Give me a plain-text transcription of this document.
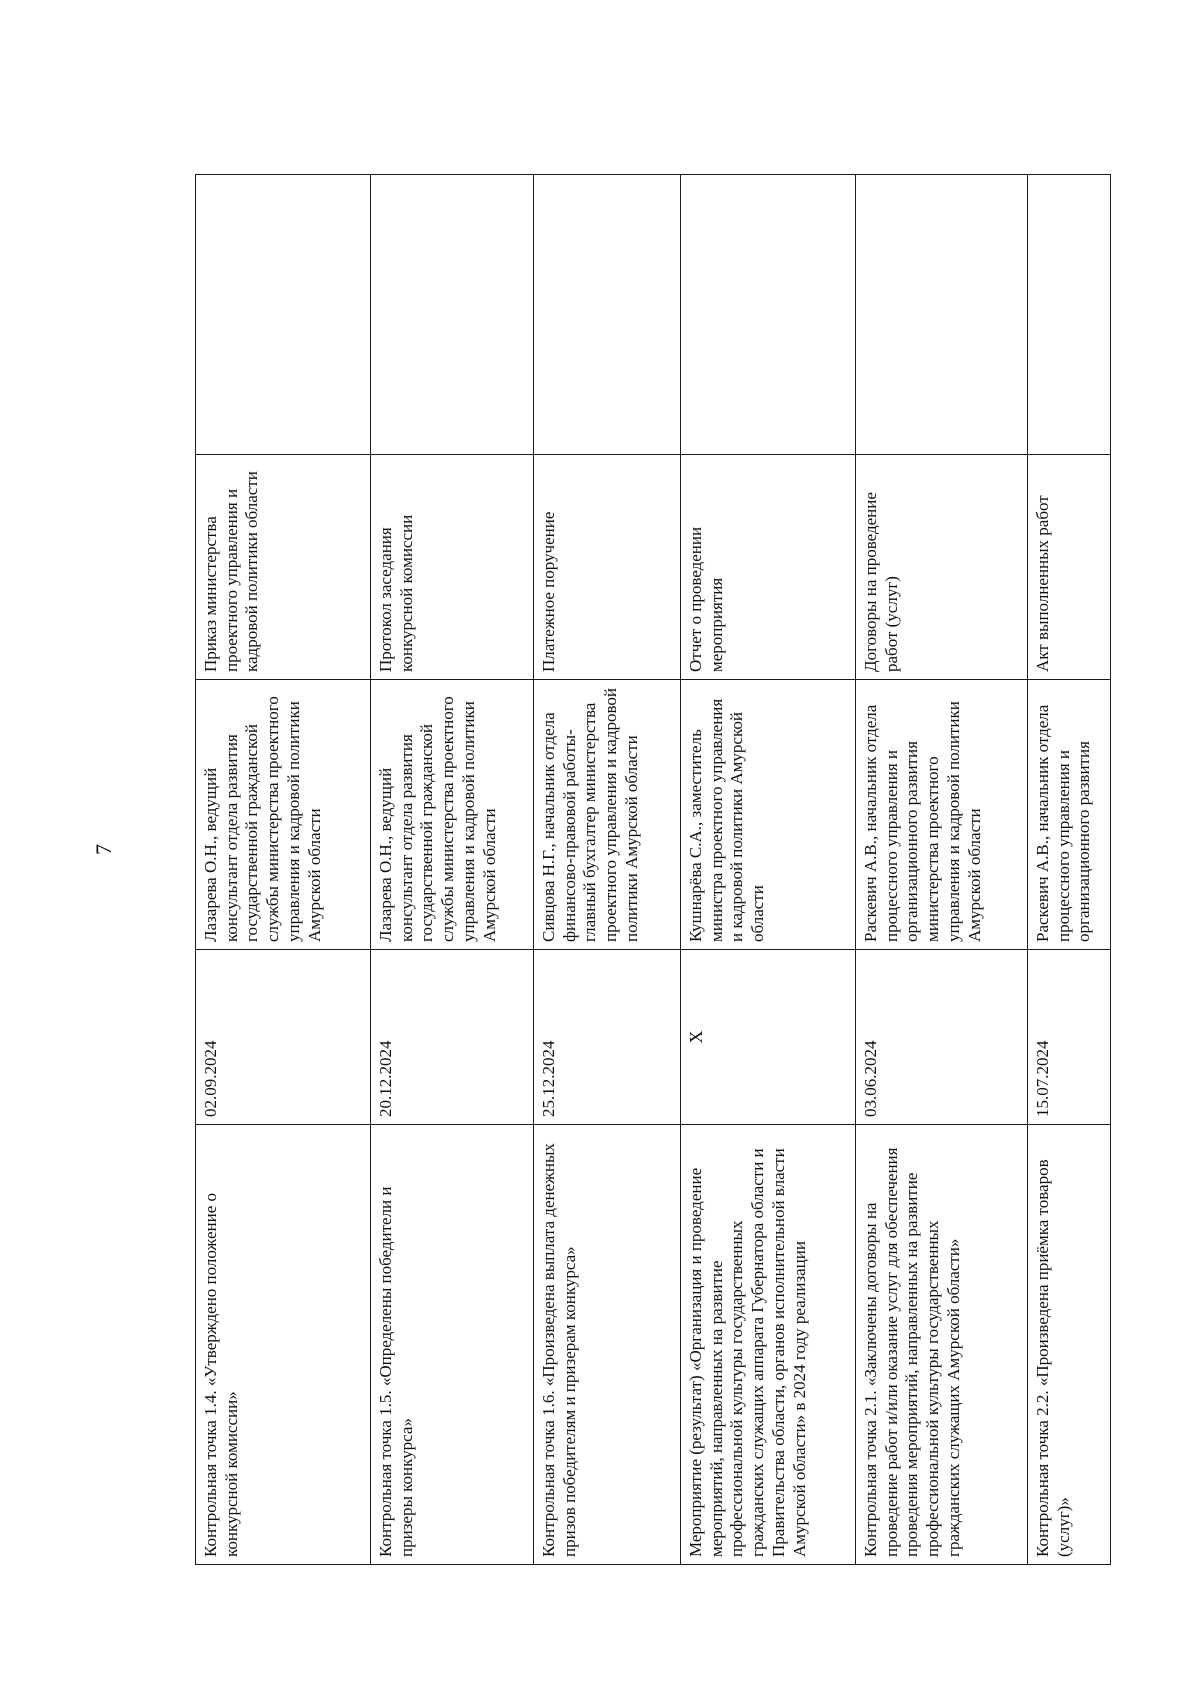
7
Контрольная точка 1.4. «Утверждено положение о конкурсной комиссии»	02.09.2024	Лазарева О.Н., ведущий консультант отдела развития государственной гражданской службы министерства проектного управления и кадровой политики Амурской области	Приказ министерства проектного управления и кадровой политики области	
Контрольная точка 1.5. «Определены победители и призеры конкурса»	20.12.2024	Лазарева О.Н., ведущий консультант отдела развития государственной гражданской службы министерства проектного управления и кадровой политики Амурской области	Протокол заседания конкурсной комиссии	
Контрольная точка 1.6. «Произведена выплата денежных призов победителям и призерам конкурса»	25.12.2024	Сивцова Н.Г., начальник отдела финансово-правовой работы-главный бухгалтер министерства проектного управления и кадровой политики Амурской области	Платежное поручение	
Мероприятие (результат) «Организация и проведение мероприятий, направленных на развитие профессиональной культуры государственных гражданских служащих аппарата Губернатора области и Правительства области, органов исполнительной власти Амурской области» в 2024 году реализации	X	Кушнарёва С.А., заместитель министра проектного управления и кадровой политики Амурской области	Отчет о проведении мероприятия	
Контрольная точка 2.1. «Заключены договоры на проведение работ и/или оказание услуг для обеспечения проведения мероприятий, направленных на развитие профессиональной культуры государственных гражданских служащих Амурской области»	03.06.2024	Раскевич А.В., начальник отдела процессного управления и организационного развития министерства проектного управления и кадровой политики Амурской области	Договоры на проведение работ (услуг)	
Контрольная точка 2.2. «Произведена приёмка товаров (услуг)»	15.07.2024	Раскевич А.В., начальник отдела процессного управления и организационного развития	Акт выполненных работ	
